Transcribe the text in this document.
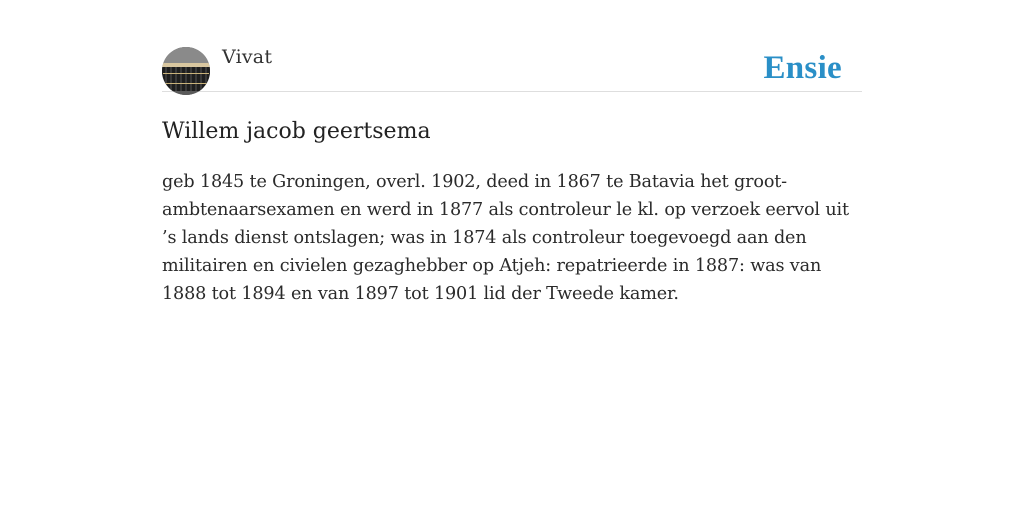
Vivat	Ensie
Willem jacob geertsema

geb 1845 te Groningen, overl. 1902, deed in 1867 te Batavia het groot-ambtenaarsexamen en werd in 1877 als controleur le kl. op verzoek eervol uit ’s lands dienst ontslagen; was in 1874 als controleur toegevoegd aan den militairen en civielen gezaghebber op Atjeh: repatrieerde in 1887: was van 1888 tot 1894 en van 1897 tot 1901 lid der Tweede kamer.
